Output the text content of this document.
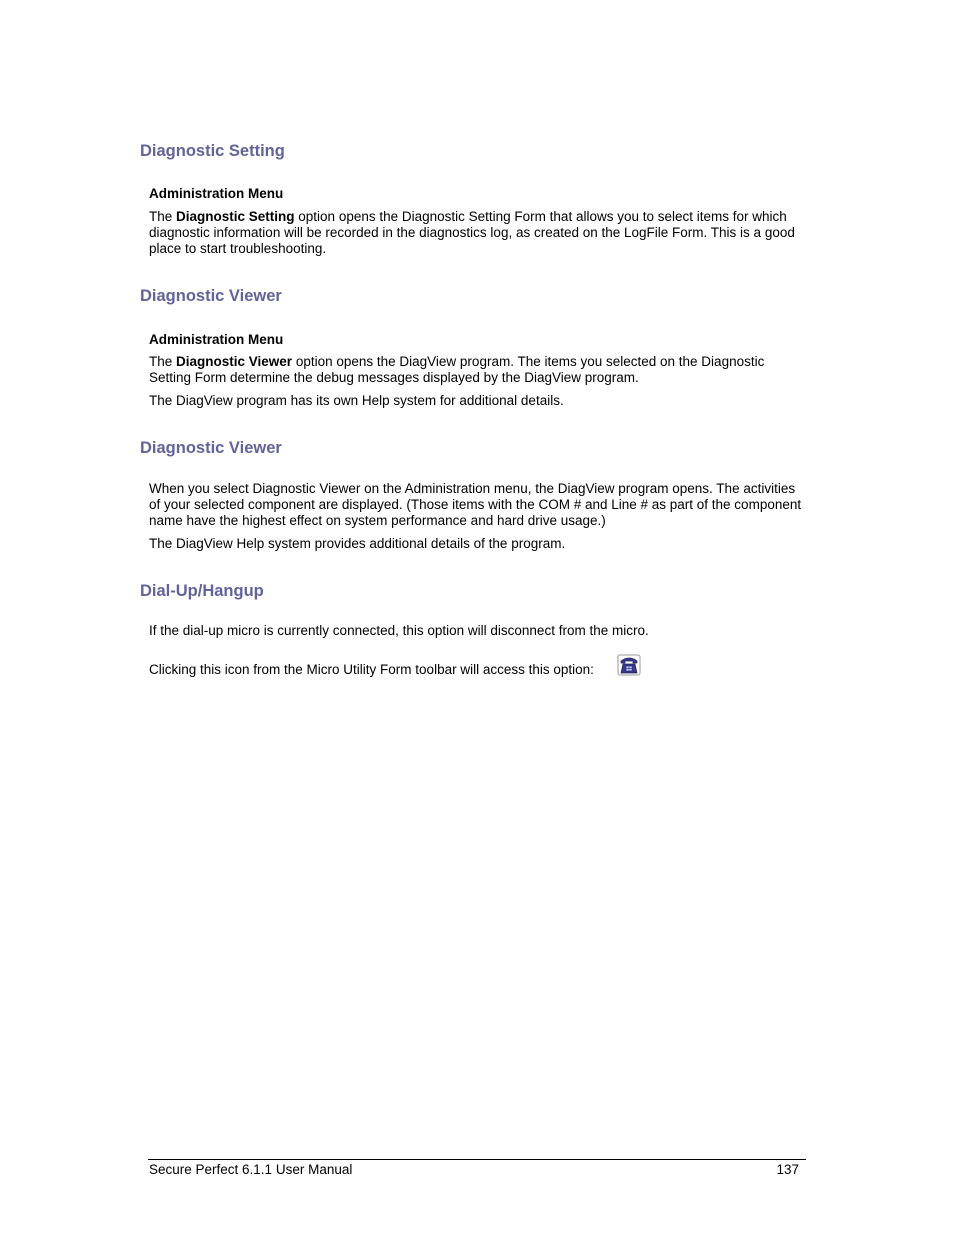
Diagnostic Setting
Administration Menu

The Diagnostic Setting option opens the Diagnostic Setting Form that allows you to select items for which diagnostic information will be recorded in the diagnostics log, as created on the LogFile Form. This is a good place to start troubleshooting.

Diagnostic Viewer
Administration Menu

The Diagnostic Viewer option opens the DiagView program. The items you selected on the Diagnostic Setting Form determine the debug messages displayed by the DiagView program.

The DiagView program has its own Help system for additional details.

Diagnostic Viewer

When you select Diagnostic Viewer on the Administration menu, the DiagView program opens. The activities of your selected component are displayed. (Those items with the COM # and Line # as part of the component name have the highest effect on system performance and hard drive usage.)

The DiagView Help system provides additional details of the program.

Dial-Up/Hangup

If the dial-up micro is currently connected, this option will disconnect from the micro.

Clicking this icon from the Micro Utility Form toolbar will access this option:
Secure Perfect 6.1.1 User Manual	137
